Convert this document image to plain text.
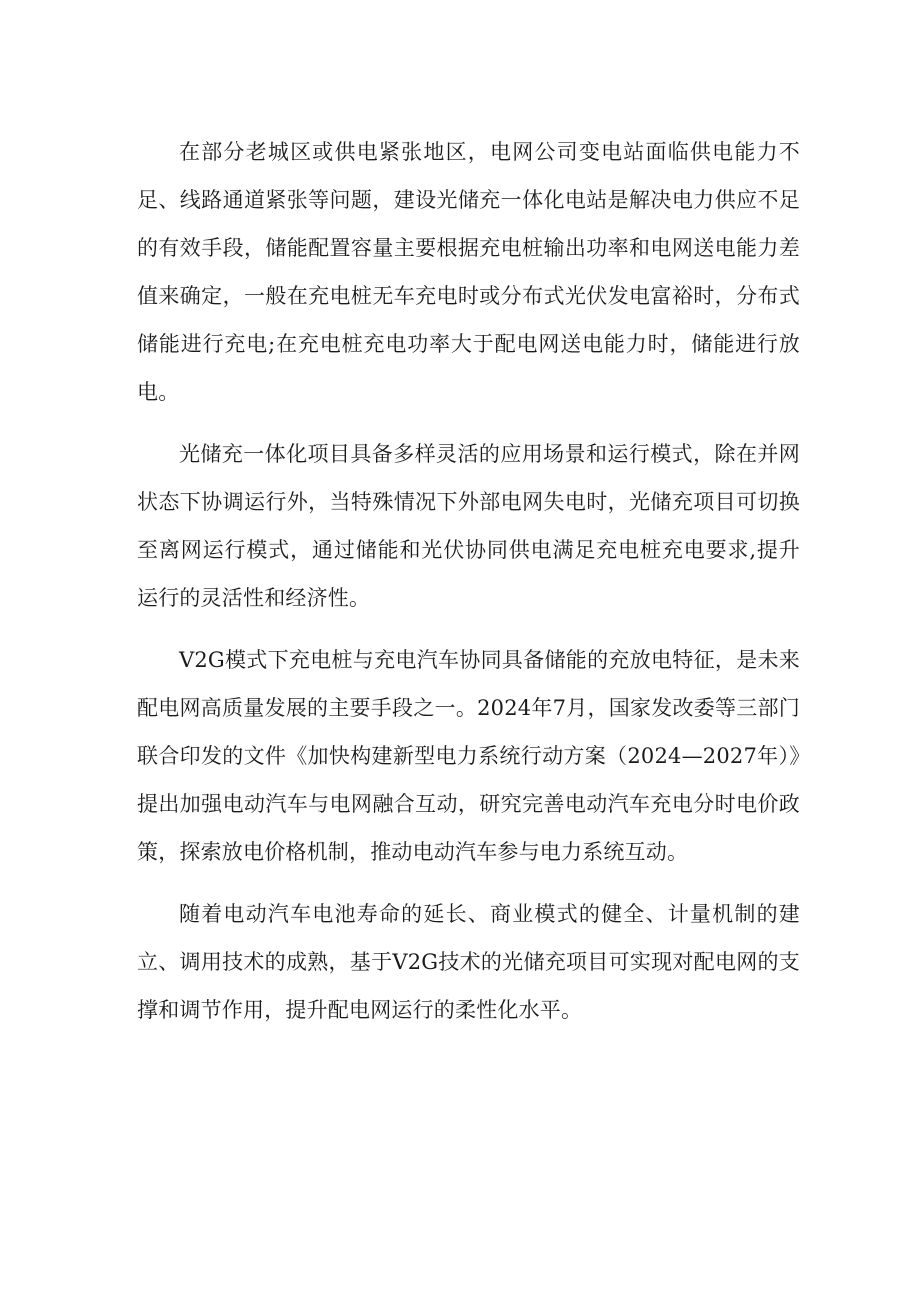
在部分老城区或供电紧张地区，电网公司变电站面临供电能力不足、线路通道紧张等问题，建设光储充一体化电站是解决电力供应不足的有效手段，储能配置容量主要根据充电桩输出功率和电网送电能力差值来确定，一般在充电桩无车充电时或分布式光伏发电富裕时，分布式储能进行充电;在充电桩充电功率大于配电网送电能力时，储能进行放电。

光储充一体化项目具备多样灵活的应用场景和运行模式，除在并网状态下协调运行外，当特殊情况下外部电网失电时，光储充项目可切换至离网运行模式，通过储能和光伏协同供电满足充电桩充电要求,提升运行的灵活性和经济性。

V2G模式下充电桩与充电汽车协同具备储能的充放电特征，是未来配电网高质量发展的主要手段之一。2024年7月，国家发改委等三部门联合印发的文件《加快构建新型电力系统行动方案（2024—2027年）》提出加强电动汽车与电网融合互动，研究完善电动汽车充电分时电价政策，探索放电价格机制，推动电动汽车参与电力系统互动。

随着电动汽车电池寿命的延长、商业模式的健全、计量机制的建立、调用技术的成熟，基于V2G技术的光储充项目可实现对配电网的支撑和调节作用，提升配电网运行的柔性化水平。
